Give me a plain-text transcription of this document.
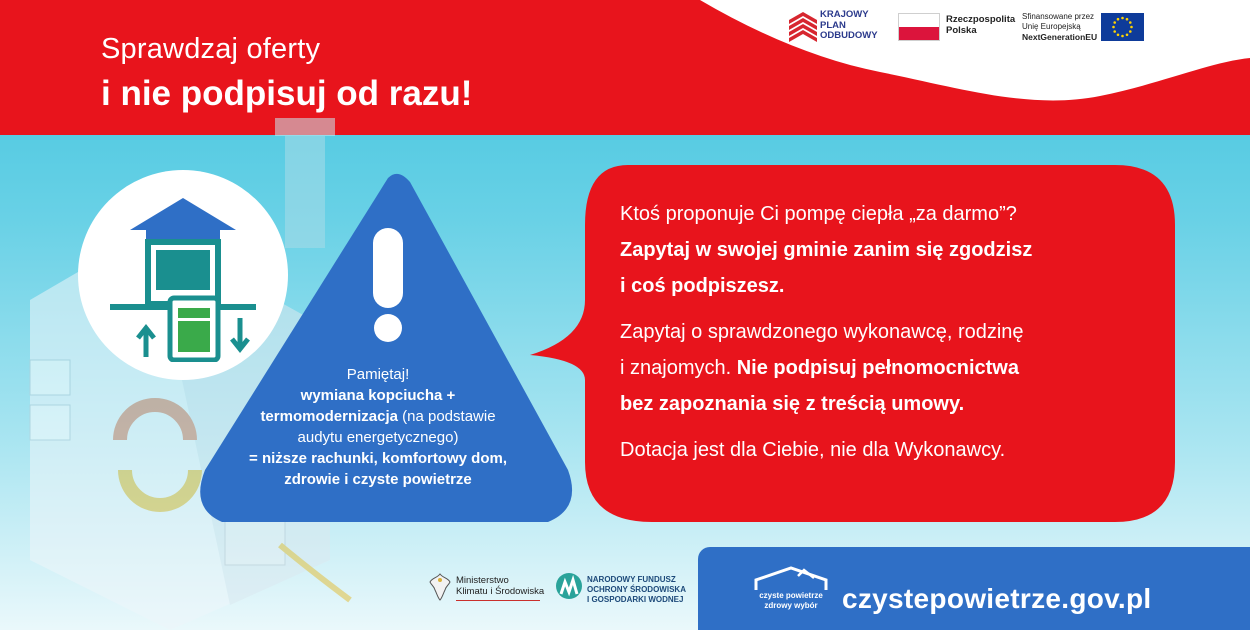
Sprawdzaj oferty
i nie podpisuj od razu!
KRAJOWY
PLAN
ODBUDOWY
Rzeczpospolita
Polska
Sfinansowane przez
Unię Europejską
NextGenerationEU
Pamiętaj!
wymiana kopciucha +
termomodernizacja (na podstawie
audytu energetycznego)
= niższe rachunki, komfortowy dom,
zdrowie i czyste powietrze

Ktoś proponuje Ci pompę ciepła „za darmo”?
Zapytaj w swojej gminie zanim się zgodzisz
i coś podpiszesz.

Zapytaj o sprawdzonego wykonawcę, rodzinę
i znajomych. Nie podpisuj pełnomocnictwa
bez zapoznania się z treścią umowy.

Dotacja jest dla Ciebie, nie dla Wykonawcy.

Ministerstwo
Klimatu i Środowiska
NARODOWY FUNDUSZ
OCHRONY ŚRODOWISKA
I GOSPODARKI WODNEJ	czyste powietrze
zdrowy wybór czystepowietrze.gov.pl
